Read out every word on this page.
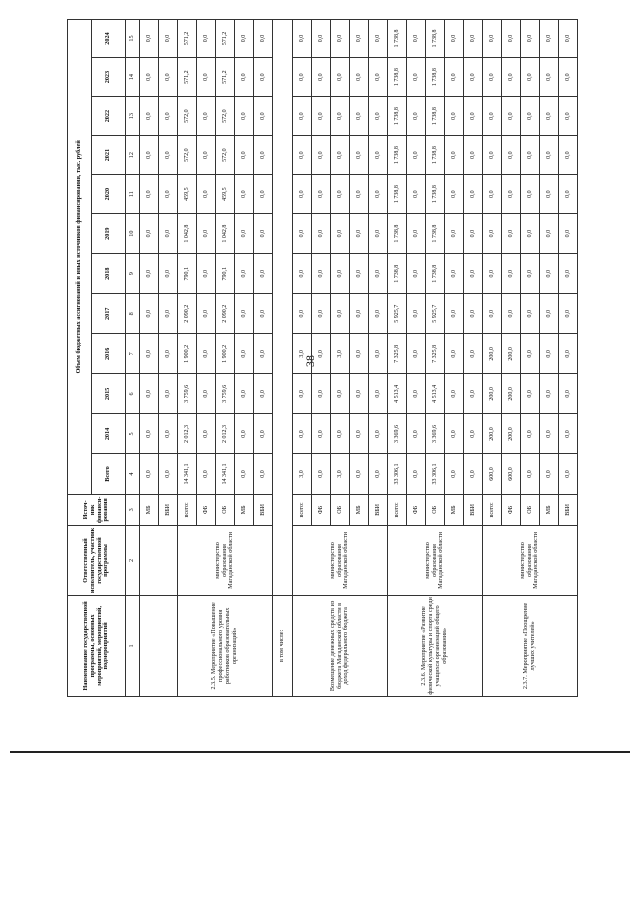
38
Наименование государственной программы, основных мероприятий, мероприятий, подмероприятий	Ответственный исполнитель, участник государственной программы	Источ-ник финанси-рования	Объем бюджетных ассигнований и иных источников финансирования, тыс. рублей											
			Всего	2014	2015	2016	2017	2018	2019	2020	2021	2022	2023	2024
1	2	3	4	5	6	7	8	9	10	11	12	13	14	15
		МБ	0,0	0,0	0,0	0,0	0,0	0,0	0,0	0,0	0,0	0,0	0,0	0,0
		ВБИ	0,0	0,0	0,0	0,0	0,0	0,0	0,0	0,0	0,0	0,0	0,0	0,0
2.3.5. Мероприятие «Повышение профессионального уровня работников образовательных организаций»	министерство образования Магаданской области	всего:	14 341,1	2 012,3	3 759,6	1 900,2	2 090,2	790,1	1 042,8	459,5	572,0	572,0	571,2	571,2
		ФБ	0,0	0,0	0,0	0,0	0,0	0,0	0,0	0,0	0,0	0,0	0,0	0,0
		ОБ	14 341,1	2 012,3	3 759,6	1 900,2	2 090,2	790,1	1 042,8	459,5	572,0	572,0	571,2	571,2
		МБ	0,0	0,0	0,0	0,0	0,0	0,0	0,0	0,0	0,0	0,0	0,0	0,0
		ВБИ	0,0	0,0	0,0	0,0	0,0	0,0	0,0	0,0	0,0	0,0	0,0	0,0
в том числе:														
Возмещение денежных средств из бюджета Магаданской области в доход федерального бюджета	министерство образования Магаданской области	всего:	3,0	0,0	0,0	3,0	0,0	0,0	0,0	0,0	0,0	0,0	0,0	0,0
		ФБ	0,0	0,0	0,0	0,0	0,0	0,0	0,0	0,0	0,0	0,0	0,0	0,0
		ОБ	3,0	0,0	0,0	3,0	0,0	0,0	0,0	0,0	0,0	0,0	0,0	0,0
		МБ	0,0	0,0	0,0	0,0	0,0	0,0	0,0	0,0	0,0	0,0	0,0	0,0
		ВБИ	0,0	0,0	0,0	0,0	0,0	0,0	0,0	0,0	0,0	0,0	0,0	0,0
2.3.6. Мероприятие «Развитие физической культуры и спорта среди учащихся организаций общего образования»	министерство образования Магаданской области	всего:	33 306,1	3 369,6	4 513,4	7 325,8	5 925,7	1 738,8	1 738,8	1 738,8	1 738,8	1 738,8	1 738,8	1 738,8
		ФБ	0,0	0,0	0,0	0,0	0,0	0,0	0,0	0,0	0,0	0,0	0,0	0,0
		ОБ	33 306,1	3 369,6	4 513,4	7 325,8	5 925,7	1 738,8	1 738,8	1 738,8	1 738,8	1 738,8	1 738,8	1 738,8
		МБ	0,0	0,0	0,0	0,0	0,0	0,0	0,0	0,0	0,0	0,0	0,0	0,0
		ВБИ	0,0	0,0	0,0	0,0	0,0	0,0	0,0	0,0	0,0	0,0	0,0	0,0
2.3.7. Мероприятие «Поощрение лучших учителей»	министерство образования Магаданской области	всего:	600,0	200,0	200,0	200,0	0,0	0,0	0,0	0,0	0,0	0,0	0,0	0,0
		ФБ	600,0	200,0	200,0	200,0	0,0	0,0	0,0	0,0	0,0	0,0	0,0	0,0
		ОБ	0,0	0,0	0,0	0,0	0,0	0,0	0,0	0,0	0,0	0,0	0,0	0,0
		МБ	0,0	0,0	0,0	0,0	0,0	0,0	0,0	0,0	0,0	0,0	0,0	0,0
		ВБИ	0,0	0,0	0,0	0,0	0,0	0,0	0,0	0,0	0,0	0,0	0,0	0,0
